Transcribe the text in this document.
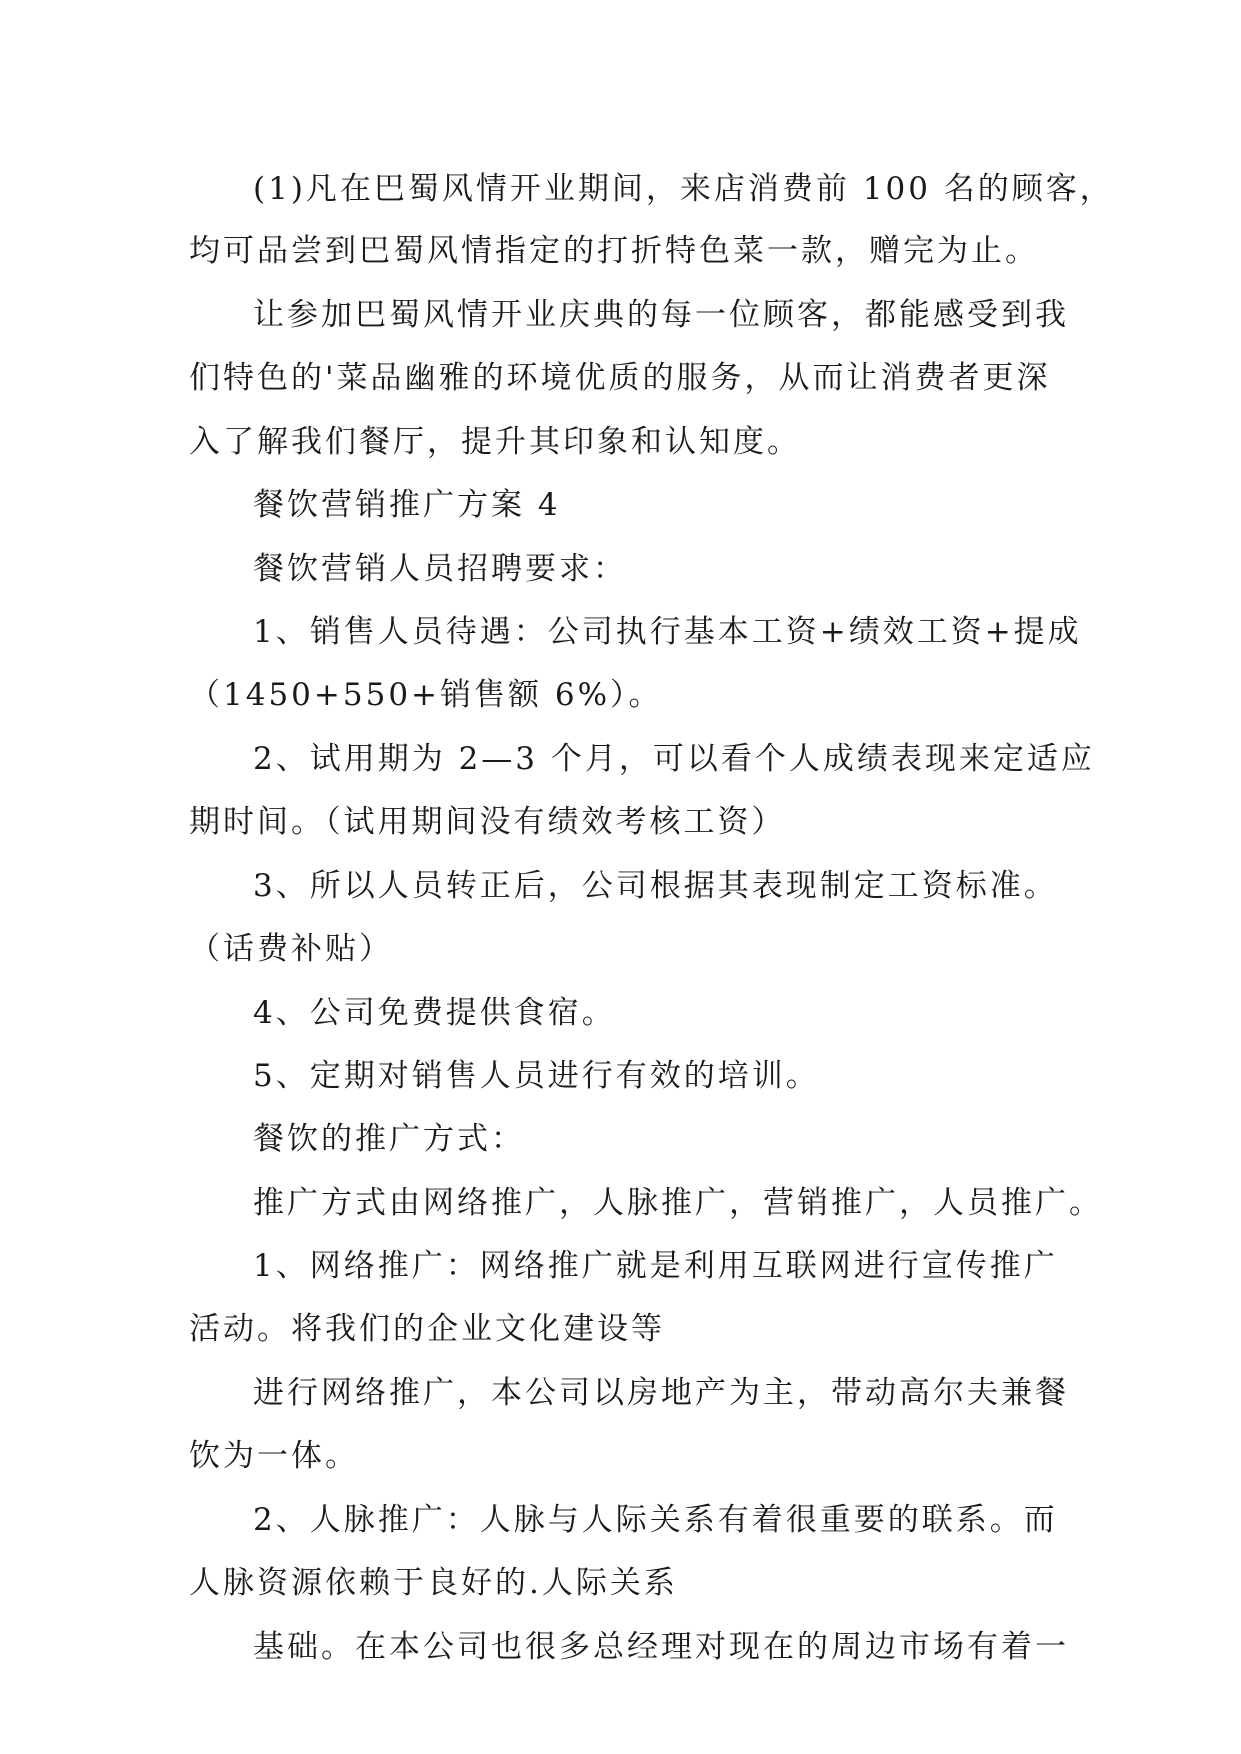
(1)凡在巴蜀风情开业期间，来店消费前 100 名的顾客，
均可品尝到巴蜀风情指定的打折特色菜一款，赠完为止。
让参加巴蜀风情开业庆典的每一位顾客，都能感受到我
们特色的'菜品幽雅的环境优质的服务，从而让消费者更深
入了解我们餐厅，提升其印象和认知度。
餐饮营销推广方案 4
餐饮营销人员招聘要求：
1、销售人员待遇：公司执行基本工资+绩效工资+提成
（1450+550+销售额 6%）。
2、试用期为 2—3 个月，可以看个人成绩表现来定适应
期时间。（试用期间没有绩效考核工资）
3、所以人员转正后，公司根据其表现制定工资标准。
（话费补贴）
4、公司免费提供食宿。
5、定期对销售人员进行有效的培训。
餐饮的推广方式：
推广方式由网络推广，人脉推广，营销推广，人员推广。
1、网络推广：网络推广就是利用互联网进行宣传推广
活动。将我们的企业文化建设等
进行网络推广，本公司以房地产为主，带动高尔夫兼餐
饮为一体。
2、人脉推广：人脉与人际关系有着很重要的联系。而
人脉资源依赖于良好的.人际关系
基础。在本公司也很多总经理对现在的周边市场有着一
